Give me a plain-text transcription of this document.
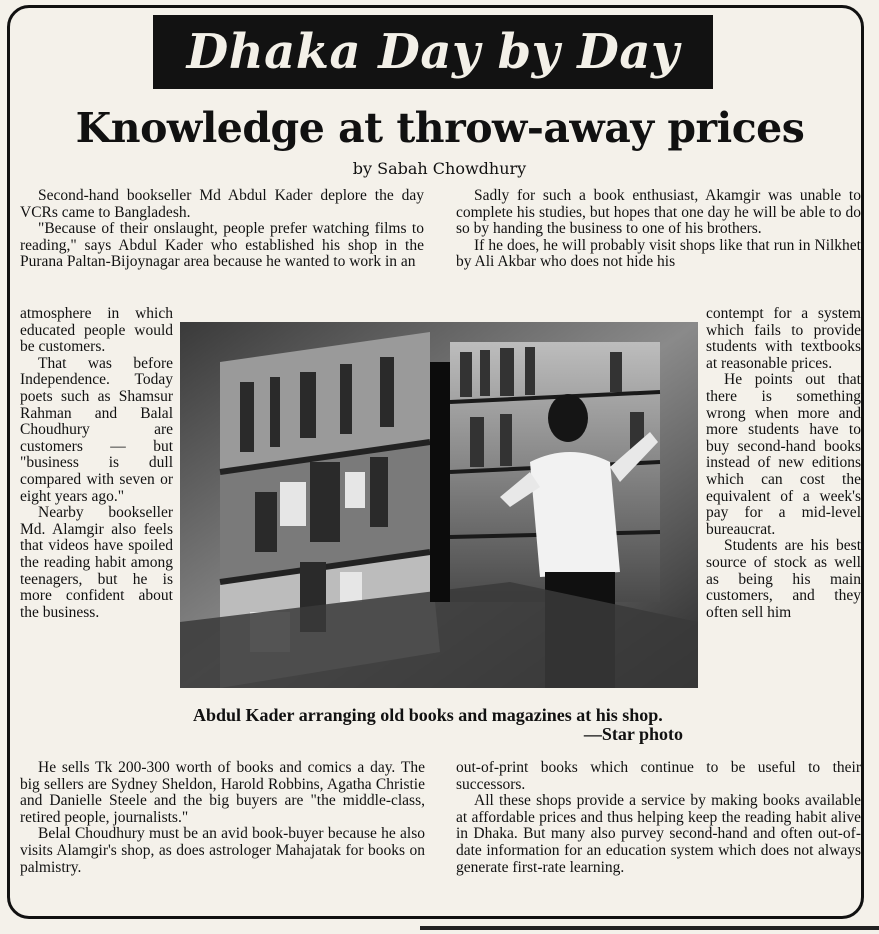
Dhaka Day by Day
Knowledge at throw-away prices
by Sabah Chowdhury

Second-hand bookseller Md Abdul Kader deplore the day VCRs came to Bangladesh.

"Because of their onslaught, people prefer watching films to reading," says Abdul Kader who established his shop in the Purana Paltan-Bijoynagar area because he wanted to work in an

atmosphere in which educated people would be customers.

That was before Independence. Today poets such as Shamsur Rahman and Balal Choudhury are customers — but "business is dull compared with seven or eight years ago."

Nearby bookseller Md. Alamgir also feels that videos have spoiled the reading habit among teenagers, but he is more confident about the business.

He sells Tk 200-300 worth of books and comics a day. The big sellers are Sydney Sheldon, Harold Robbins, Agatha Christie and Danielle Steele and the big buyers are "the middle-class, retired people, journalists."

Belal Choudhury must be an avid book-buyer because he also visits Alamgir's shop, as does astrologer Mahajatak for books on palmistry.

Sadly for such a book enthusiast, Akamgir was unable to complete his studies, but hopes that one day he will be able to do so by handing the business to one of his brothers.

If he does, he will probably visit shops like that run in Nilkhet by Ali Akbar who does not hide his

contempt for a system which fails to provide students with textbooks at reasonable prices.

He points out that there is something wrong when more and more students have to buy second-hand books instead of new editions which can cost the equivalent of a week's pay for a mid-level bureaucrat.

Students are his best source of stock as well as being his main customers, and they often sell him

out-of-print books which continue to be useful to their successors.

All these shops provide a service by making books available at affordable prices and thus helping keep the reading habit alive in Dhaka. But many also purvey second-hand and often out-of-date information for an education system which does not always generate first-rate learning.

Abdul Kader arranging old books and magazines at his shop.
—Star photo
